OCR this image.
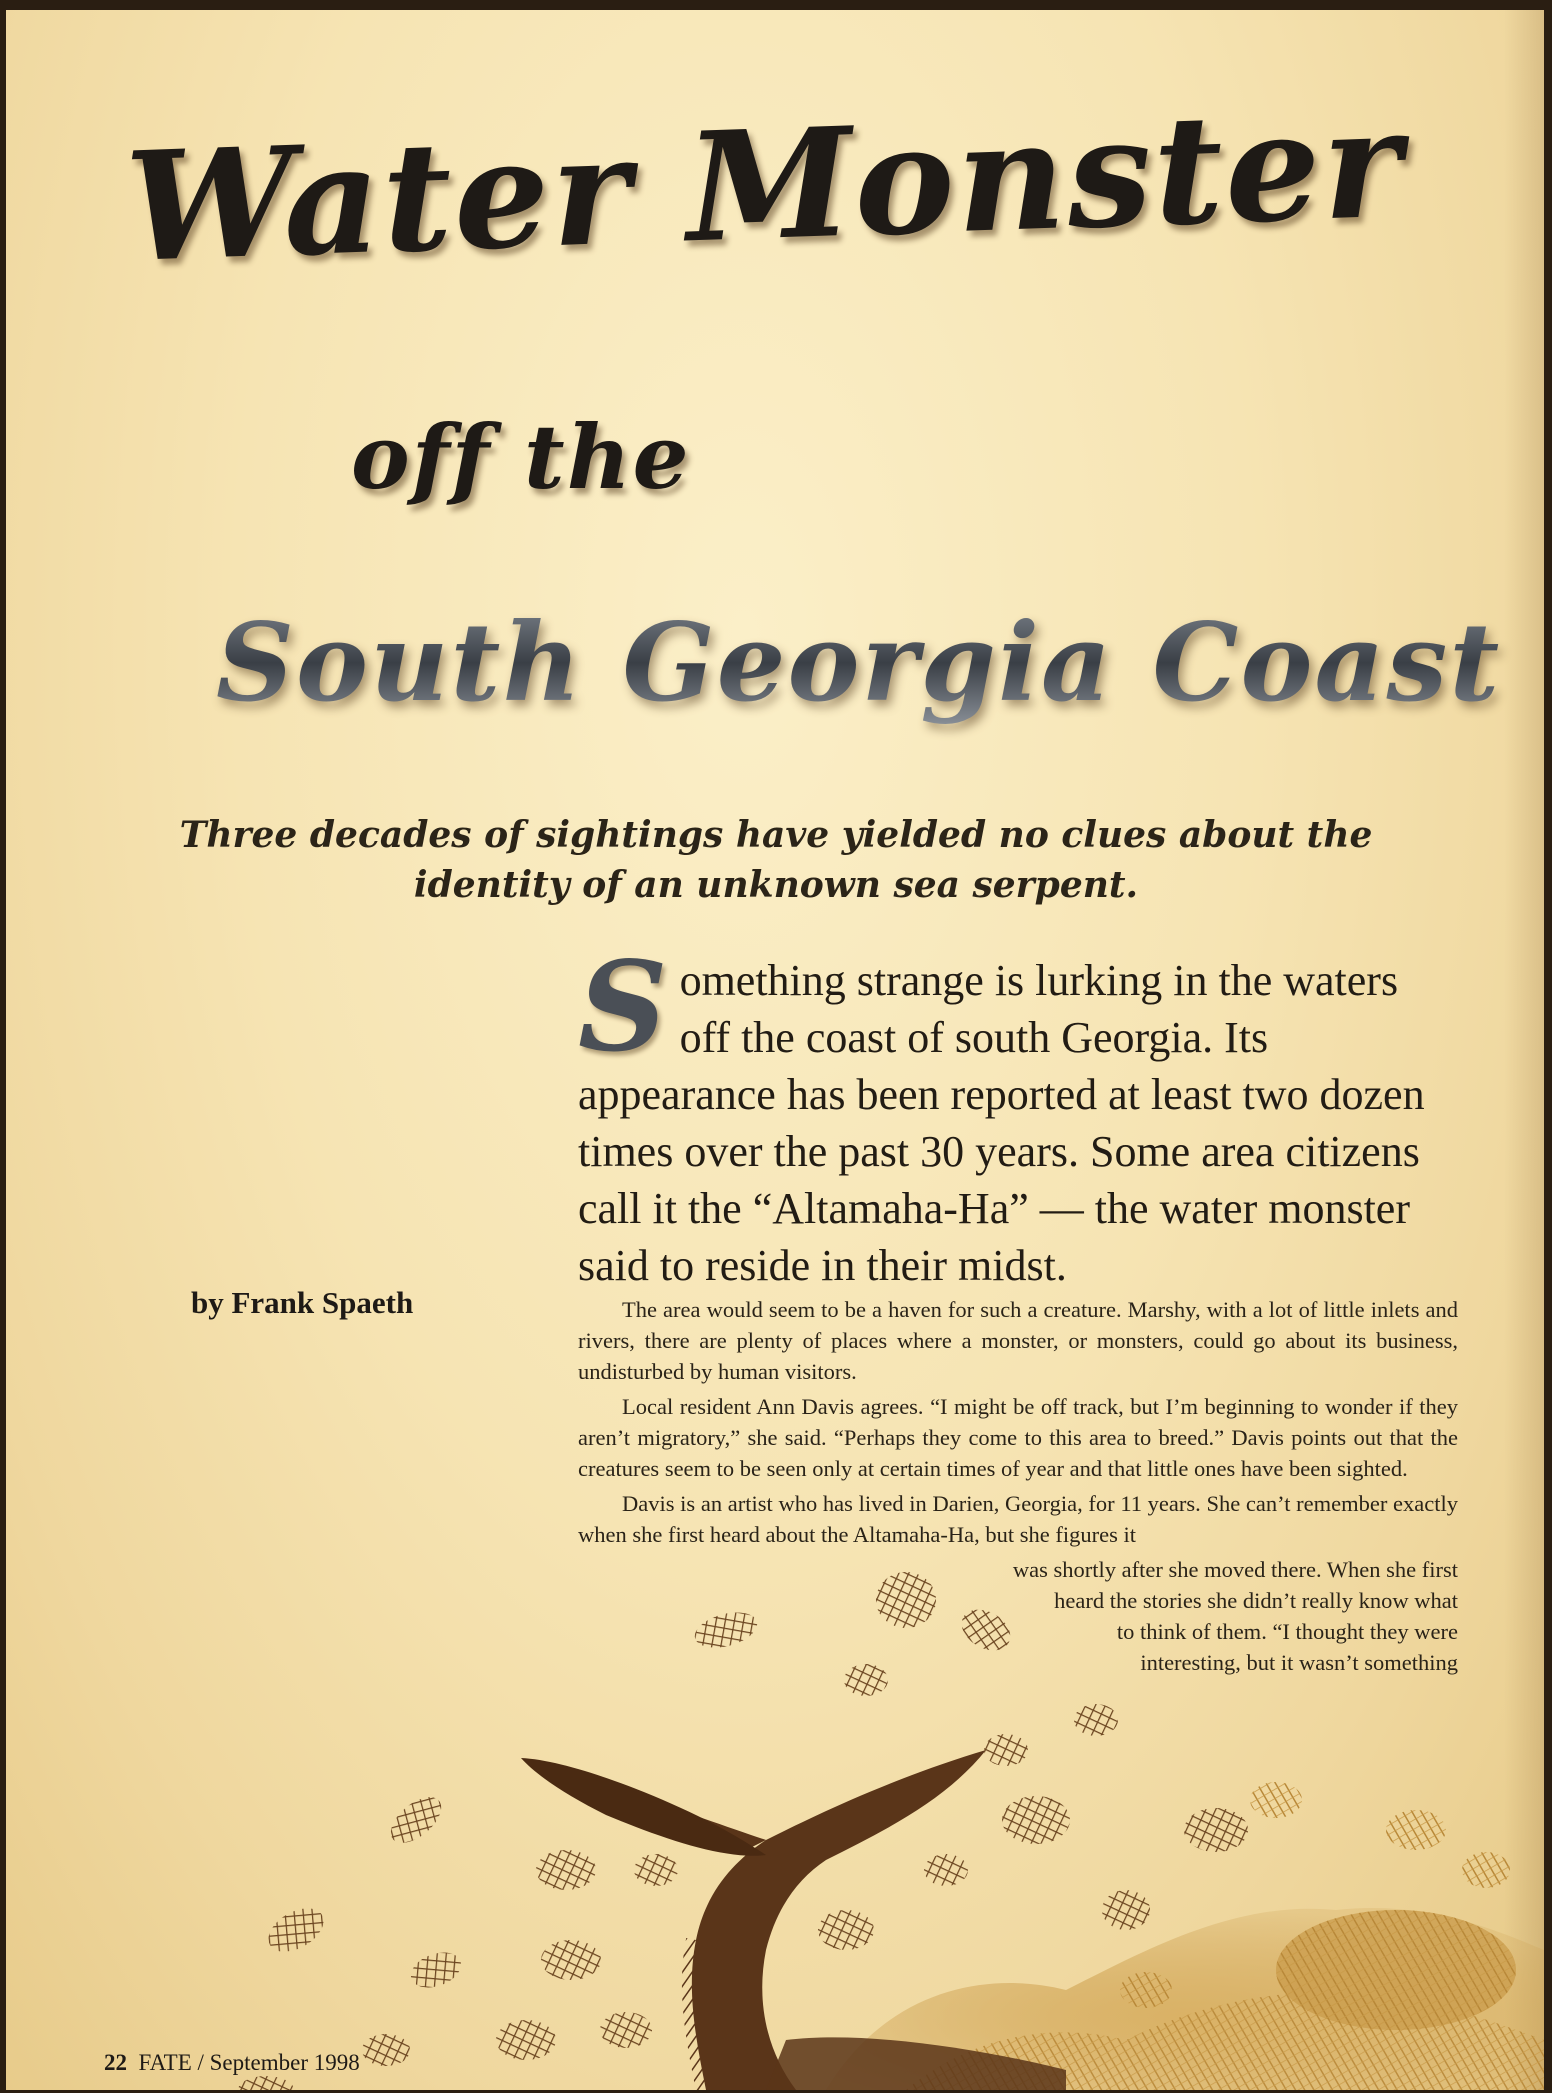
Water Monster
off the
South Georgia Coast

Three decades of sightings have yielded no clues about the identity of an unknown sea serpent.

Something strange is lurking in the waters off the coast of south Georgia. Its appearance has been reported at least two dozen times over the past 30 years. Some area citizens call it the “Altamaha-Ha” — the water monster said to reside in their midst.

by Frank Spaeth	The area would seem to be a haven for such a creature. Marshy, with a lot of little inlets and rivers, there are plenty of places where a monster, or monsters, could go about its business, undisturbed by human visitors.

Local resident Ann Davis agrees. “I might be off track, but I’m beginning to wonder if they aren’t migratory,” she said. “Perhaps they come to this area to breed.” Davis points out that the creatures seem to be seen only at certain times of year and that little ones have been sighted.

Davis is an artist who has lived in Darien, Georgia, for 11 years. She can’t remember exactly when she first heard about the Altamaha-Ha, but she figures it

was shortly after she moved there. When she first
heard the stories she didn’t really know what
to think of them. “I thought they were
interesting, but it wasn’t something

22 FATE / September 1998
